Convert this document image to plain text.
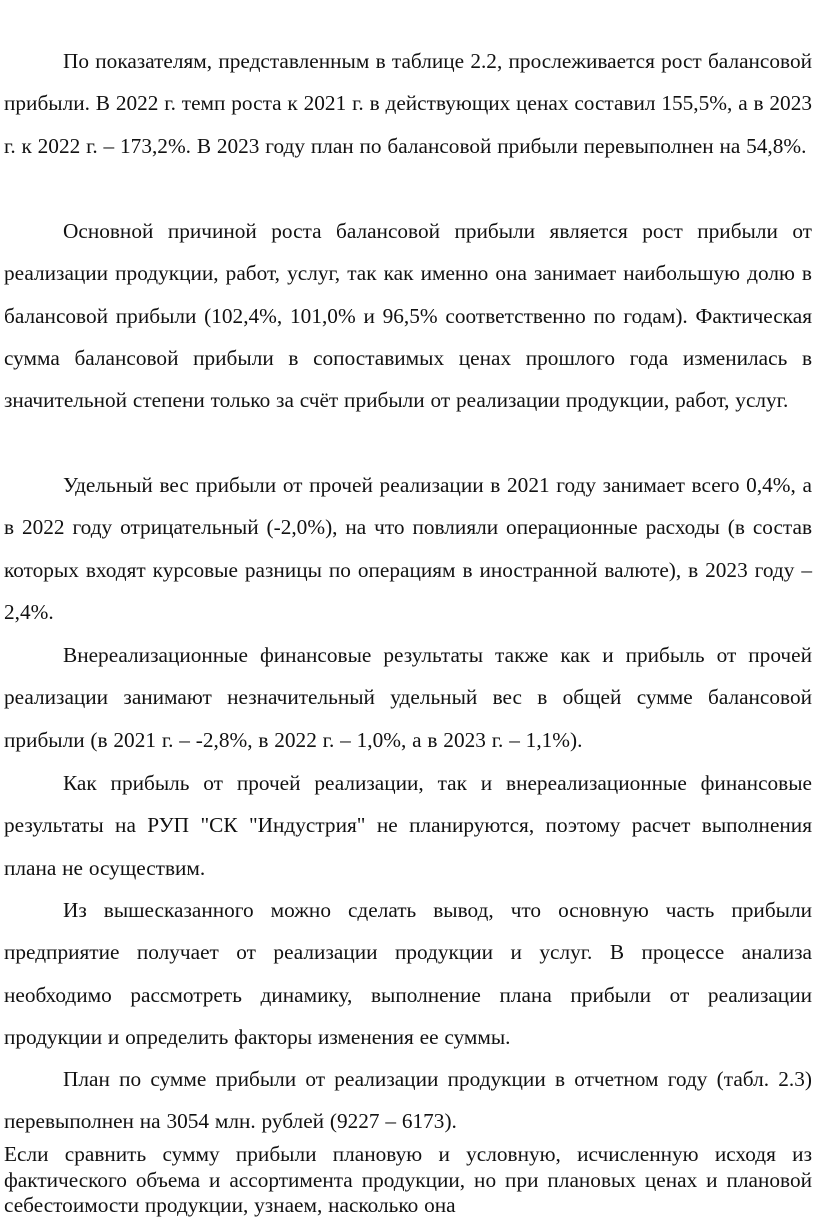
По показателям, представленным в таблице 2.2, прослеживается рост балансовой прибыли. В 2022 г. темп роста к 2021 г. в действующих ценах составил 155,5%, а в 2023 г. к 2022 г. – 173,2%. В 2023 году план по балансовой прибыли перевыполнен на 54,8%.

Основной причиной роста балансовой прибыли является рост прибыли от реализации продукции, работ, услуг, так как именно она занимает наибольшую долю в балансовой прибыли (102,4%, 101,0% и 96,5% соответственно по годам). Фактическая сумма балансовой прибыли в сопоставимых ценах прошлого года изменилась в значительной степени только за счёт прибыли от реализации продукции, работ, услуг.

Удельный вес прибыли от прочей реализации в 2021 году занимает всего 0,4%, а в 2022 году отрицательный (-2,0%), на что повлияли операционные расходы (в состав которых входят курсовые разницы по операциям в иностранной валюте), в 2023 году – 2,4%.

Внереализационные финансовые результаты также как и прибыль от прочей реализации занимают незначительный удельный вес в общей сумме балансовой прибыли (в 2021 г. – -2,8%, в 2022 г. – 1,0%, а в 2023 г. – 1,1%).

Как прибыль от прочей реализации, так и внереализационные финансовые результаты на РУП "СК "Индустрия" не планируются, поэтому расчет выполнения плана не осуществим.

Из вышесказанного можно сделать вывод, что основную часть прибыли предприятие получает от реализации продукции и услуг. В процессе анализа необходимо рассмотреть динамику, выполнение плана прибыли от реализации продукции и определить факторы изменения ее суммы.

План по сумме прибыли от реализации продукции в отчетном году (табл. 2.3) перевыполнен на 3054 млн. рублей (9227 – 6173).

Если сравнить сумму прибыли плановую и условную, исчисленную исходя из фактического объема и ассортимента продукции, но при плановых ценах и плановой себестоимости продукции, узнаем, насколько она
